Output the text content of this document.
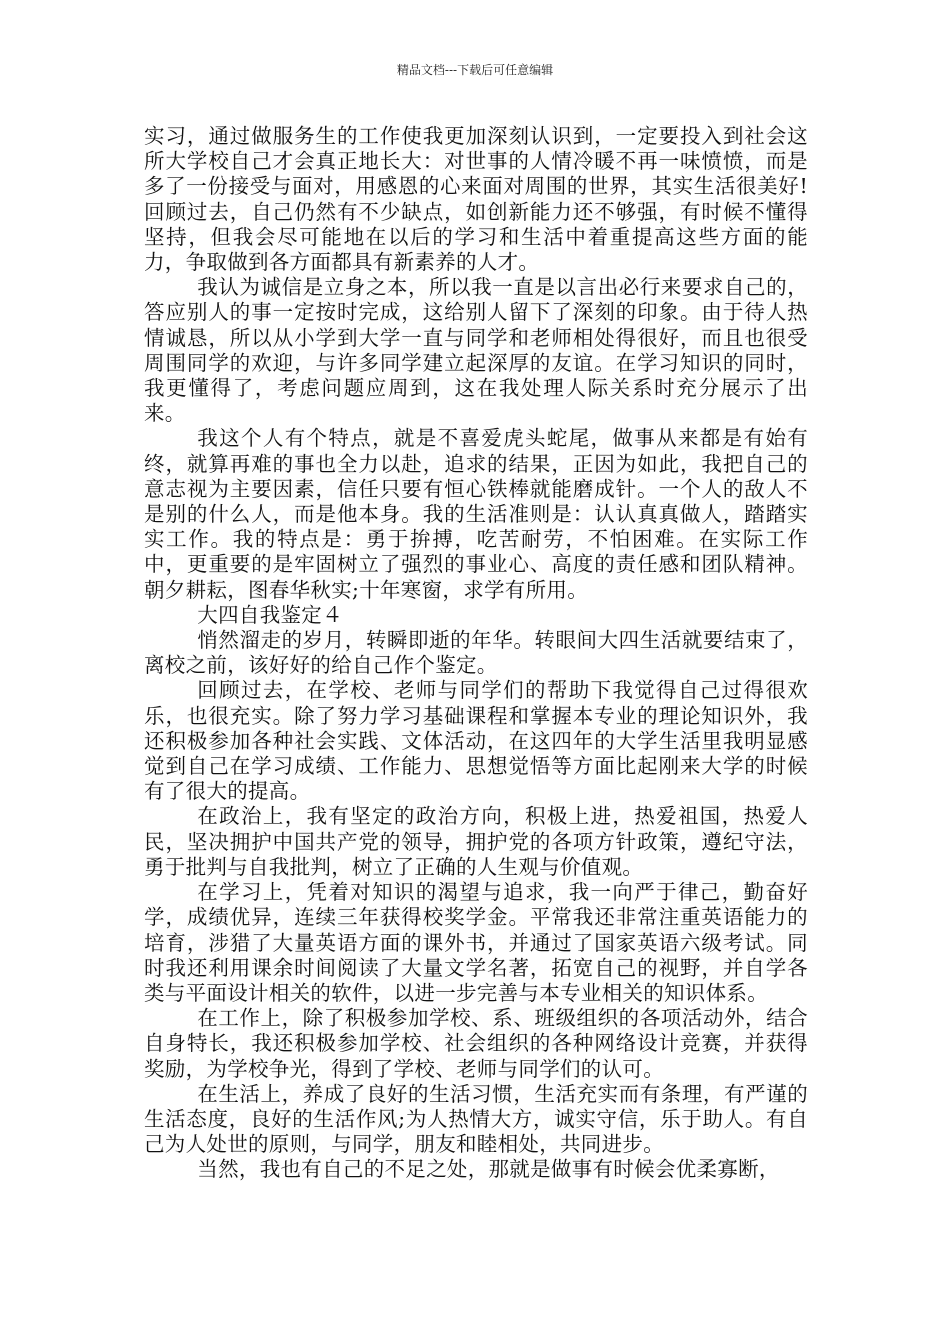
精品文档---下载后可任意编辑

实习，通过做服务生的工作使我更加深刻认识到，一定要投入到社会这所大学校自己才会真正地长大：对世事的人情冷暖不再一味愤愤，而是多了一份接受与面对，用感恩的心来面对周围的世界，其实生活很美好!回顾过去，自己仍然有不少缺点，如创新能力还不够强，有时候不懂得坚持，但我会尽可能地在以后的学习和生活中着重提高这些方面的能力，争取做到各方面都具有新素养的人才。

我认为诚信是立身之本，所以我一直是以言出必行来要求自己的，答应别人的事一定按时完成，这给别人留下了深刻的印象。由于待人热情诚恳，所以从小学到大学一直与同学和老师相处得很好，而且也很受周围同学的欢迎，与许多同学建立起深厚的友谊。在学习知识的同时，我更懂得了，考虑问题应周到，这在我处理人际关系时充分展示了出来。

我这个人有个特点，就是不喜爱虎头蛇尾，做事从来都是有始有终，就算再难的事也全力以赴，追求的结果，正因为如此，我把自己的意志视为主要因素，信任只要有恒心铁棒就能磨成针。一个人的敌人不是别的什么人，而是他本身。我的生活准则是：认认真真做人，踏踏实实工作。我的特点是：勇于拚搏，吃苦耐劳，不怕困难。在实际工作中，更重要的是牢固树立了强烈的事业心、高度的责任感和团队精神。朝夕耕耘，图春华秋实;十年寒窗，求学有所用。

大四自我鉴定４

悄然溜走的岁月，转瞬即逝的年华。转眼间大四生活就要结束了，离校之前，该好好的给自己作个鉴定。

回顾过去，在学校、老师与同学们的帮助下我觉得自己过得很欢乐，也很充实。除了努力学习基础课程和掌握本专业的理论知识外，我还积极参加各种社会实践、文体活动，在这四年的大学生活里我明显感觉到自己在学习成绩、工作能力、思想觉悟等方面比起刚来大学的时候有了很大的提高。

在政治上，我有坚定的政治方向，积极上进，热爱祖国，热爱人民，坚决拥护中国共产党的领导，拥护党的各项方针政策，遵纪守法，勇于批判与自我批判，树立了正确的人生观与价值观。

在学习上，凭着对知识的渴望与追求，我一向严于律己，勤奋好学，成绩优异，连续三年获得校奖学金。平常我还非常注重英语能力的培育，涉猎了大量英语方面的课外书，并通过了国家英语六级考试。同时我还利用课余时间阅读了大量文学名著，拓宽自己的视野，并自学各类与平面设计相关的软件，以进一步完善与本专业相关的知识体系。

在工作上，除了积极参加学校、系、班级组织的各项活动外，结合自身特长，我还积极参加学校、社会组织的各种网络设计竞赛，并获得奖励，为学校争光，得到了学校、老师与同学们的认可。

在生活上，养成了良好的生活习惯，生活充实而有条理，有严谨的生活态度，良好的生活作风;为人热情大方，诚实守信，乐于助人。有自己为人处世的原则，与同学，朋友和睦相处，共同进步。

当然，我也有自己的不足之处，那就是做事有时候会优柔寡断，
